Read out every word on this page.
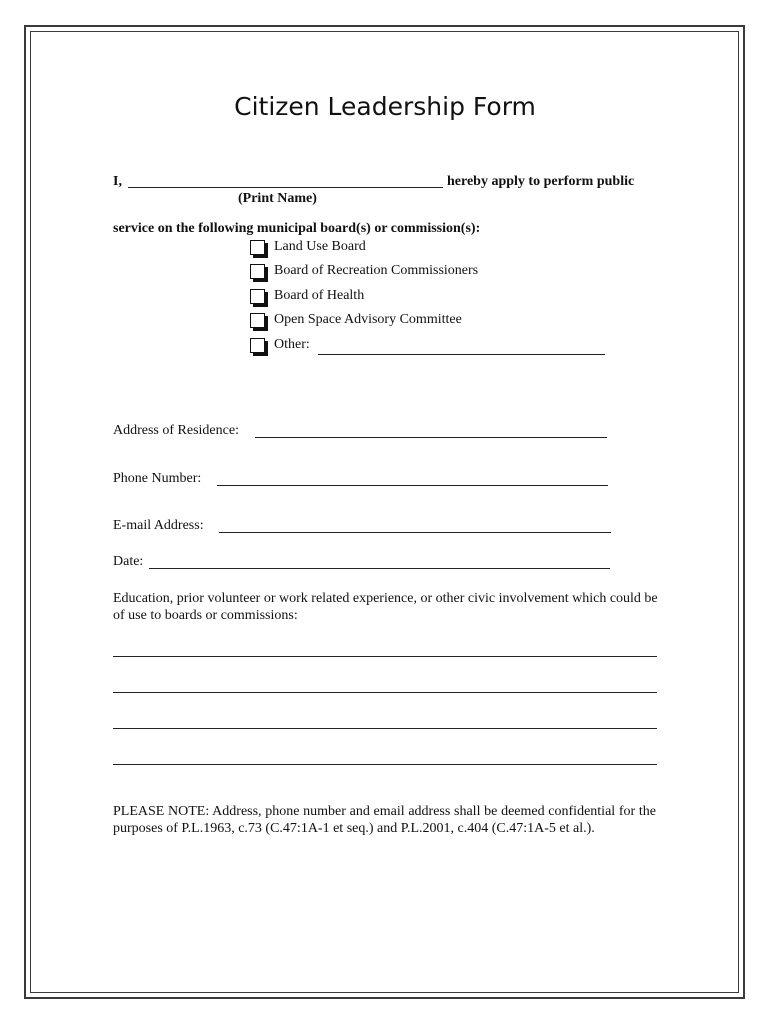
Citizen Leadership Form
I,	hereby apply to perform public
(Print Name)
service on the following municipal board(s) or commission(s):
Land Use Board
Board of Recreation Commissioners
Board of Health
Open Space Advisory Committee
Other:
Address of Residence:
Phone Number:
E-mail Address:
Date:
Education, prior volunteer or work related experience, or other civic involvement which could be of use to boards or commissions:
PLEASE NOTE: Address, phone number and email address shall be deemed confidential for the purposes of P.L.1963, c.73 (C.47:1A-1 et seq.) and P.L.2001, c.404 (C.47:1A-5 et al.).
